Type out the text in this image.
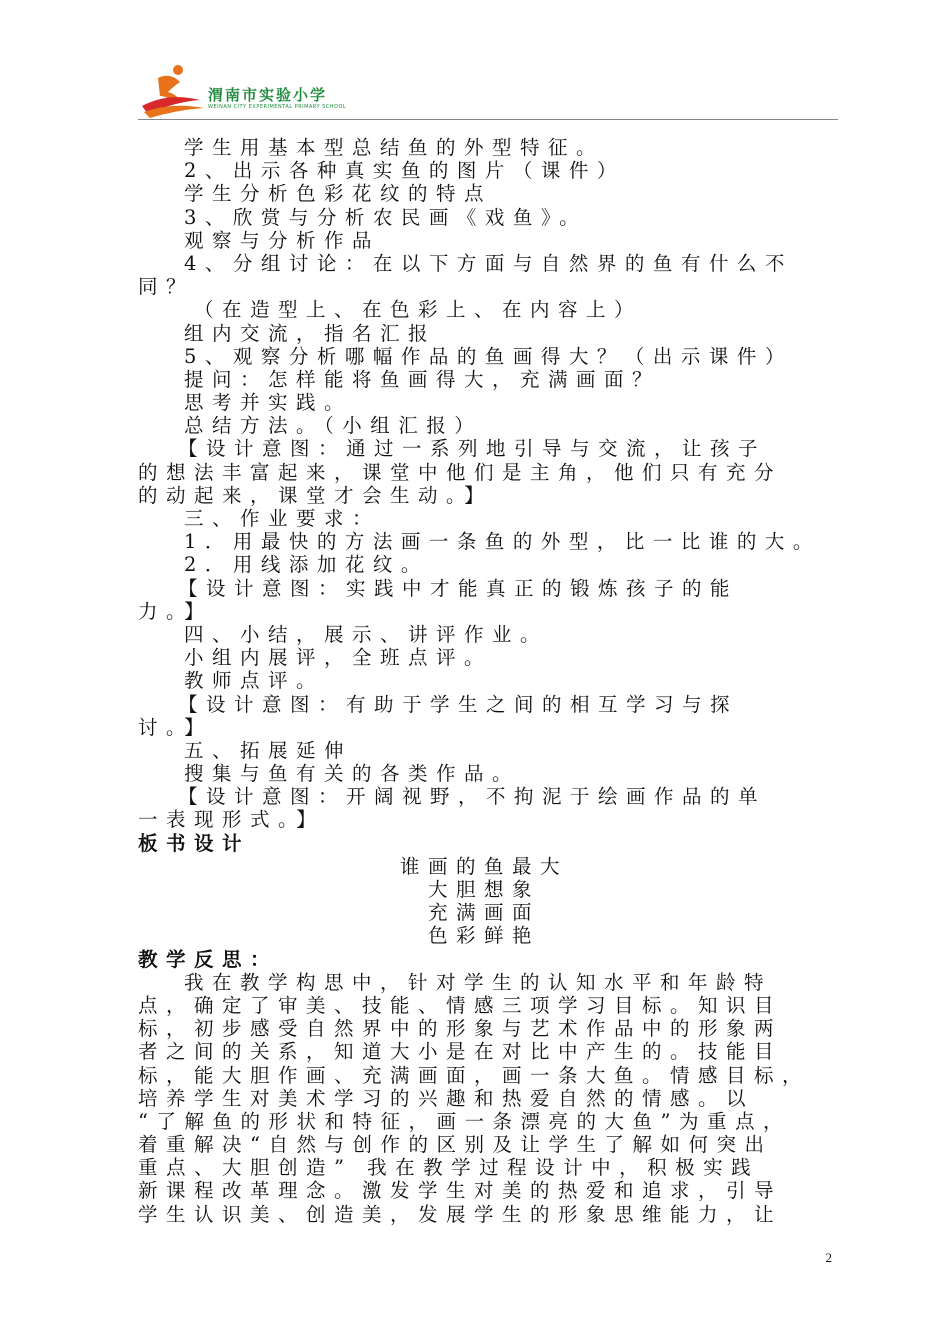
渭南市实验小学
WEINAN CITY EXPERIMENTAL PRIMARY SCHOOL
学生用基本型总结鱼的外型特征。
2、出示各种真实鱼的图片（课件）
学生分析色彩花纹的特点
3、欣赏与分析农民画《戏鱼》。
观察与分析作品
4、分组讨论：在以下方面与自然界的鱼有什么不
同？
（在造型上、在色彩上、在内容上）
组内交流，指名汇报
5、观察分析哪幅作品的鱼画得大？（出示课件）
提问：怎样能将鱼画得大，充满画面？
思考并实践。
总结方法。（小组汇报）
【设计意图：通过一系列地引导与交流，让孩子
的想法丰富起来，课堂中他们是主角，他们只有充分
的动起来，课堂才会生动。】
三、作业要求：
1．用最快的方法画一条鱼的外型，比一比谁的大。
2．用线添加花纹。
【设计意图：实践中才能真正的锻炼孩子的能
力。】
四、小结，展示、讲评作业。
小组内展评，全班点评。
教师点评。
【设计意图：有助于学生之间的相互学习与探
讨。】
五、拓展延伸
搜集与鱼有关的各类作品。
【设计意图：开阔视野，不拘泥于绘画作品的单
一表现形式。】
板书设计
谁画的鱼最大
大胆想象
充满画面
色彩鲜艳
教学反思：
我在教学构思中，针对学生的认知水平和年龄特
点，确定了审美、技能、情感三项学习目标。知识目
标，初步感受自然界中的形象与艺术作品中的形象两
者之间的关系，知道大小是在对比中产生的。技能目
标，能大胆作画、充满画面，画一条大鱼。情感目标，
培养学生对美术学习的兴趣和热爱自然的情感。以
“了解鱼的形状和特征，画一条漂亮的大鱼”为重点，
着重解决“自然与创作的区别及让学生了解如何突出
重点、大胆创造” 我在教学过程设计中，积极实践
新课程改革理念。激发学生对美的热爱和追求，引导
学生认识美、创造美，发展学生的形象思维能力，让
2
